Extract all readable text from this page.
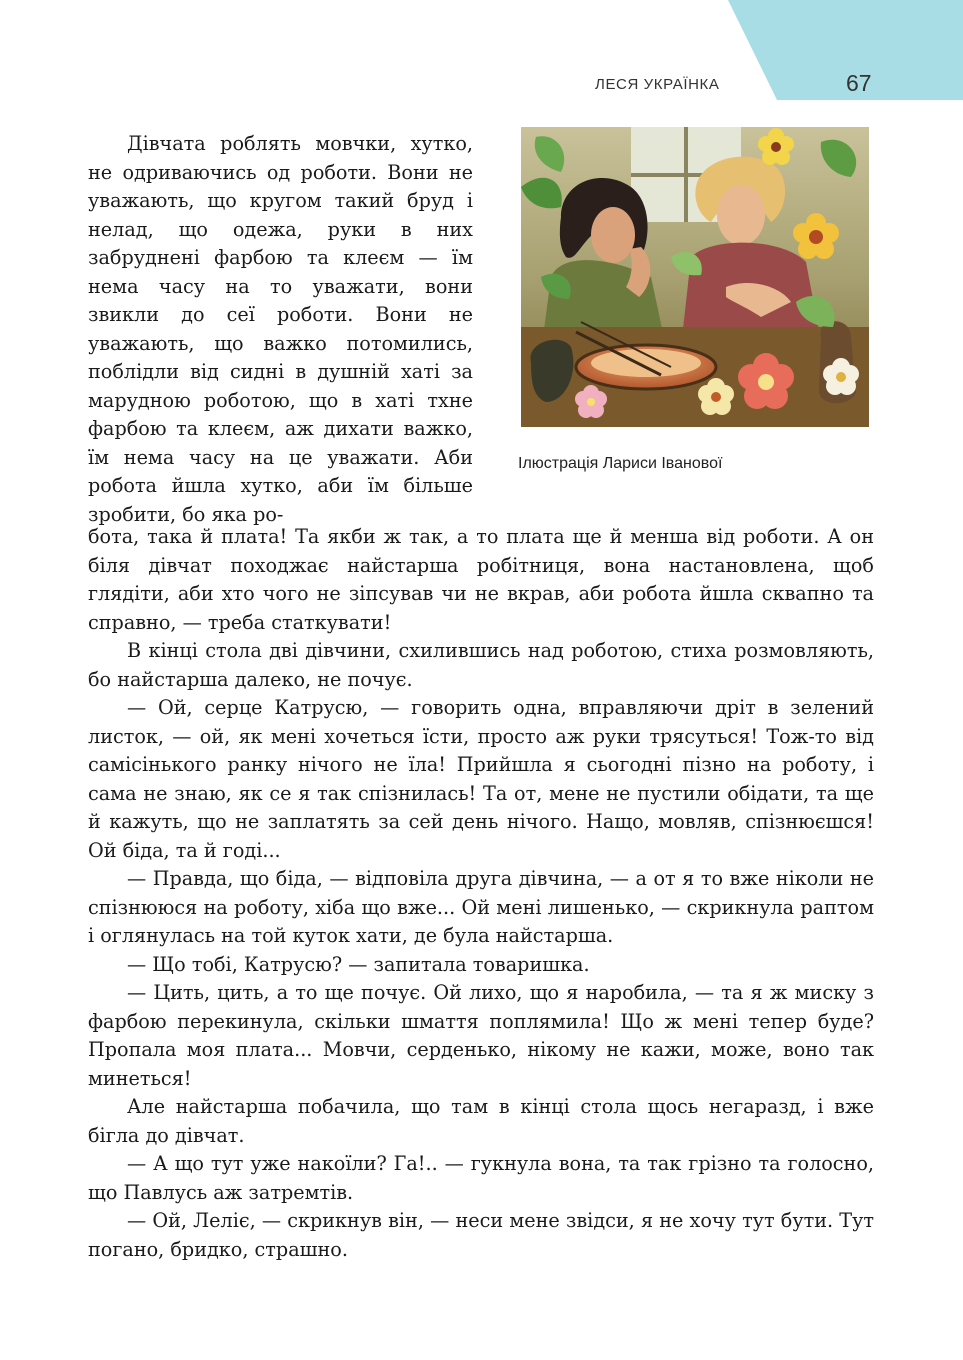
ЛЕСЯ УКРАЇНКА	67
Ілюстрація Лариси Іванової

Дівчата роблять мовчки, хутко, не одриваючись од роботи. Вони не уважають, що кругом такий бруд і нелад, що одежа, руки в них забруднені фарбою та клеєм — їм нема часу на то уважати, вони звикли до сеї роботи. Вони не уважають, що важко потомились, поблідли від сидні в душній хаті за марудною роботою, що в хаті тхне фарбою та клеєм, аж дихати важко, їм нема часу на це уважати. Аби робота йшла хутко, аби їм більше зробити, бо яка ро-

бота, така й плата! Та якби ж так, а то плата ще й менша від роботи. А он біля дівчат походжає найстарша робітниця, вона настановлена, щоб глядіти, аби хто чого не зіпсував чи не вкрав, аби робота йшла сквапно та справно, — треба статкувати!

В кінці стола дві дівчини, схилившись над роботою, стиха розмовляють, бо найстарша далеко, не почує.

— Ой, серце Катрусю, — говорить одна, вправляючи дріт в зелений листок, — ой, як мені хочеться їсти, просто аж руки трясуться! Тож-то від самісінького ранку нічого не їла! Прийшла я сьогодні пізно на роботу, і сама не знаю, як се я так спізнилась! Та от, мене не пустили обідати, та ще й кажуть, що не заплатять за сей день нічого. Нащо, мовляв, спізнюєшся! Ой біда, та й годі...

— Правда, що біда, — відповіла друга дівчина, — а от я то вже ніколи не спізнююся на роботу, хіба що вже... Ой мені лишенько, — скрикнула раптом і оглянулась на той куток хати, де була найстарша.

— Що тобі, Катрусю? — запитала товаришка.

— Цить, цить, а то ще почує. Ой лихо, що я наробила, — та я ж миску з фарбою перекинула, скільки шмаття поплямила! Що ж мені тепер буде? Пропала моя плата... Мовчи, серденько, нікому не кажи, може, воно так минеться!

Але найстарша побачила, що там в кінці стола щось негаразд, і вже бігла до дівчат.

— А що тут уже накоїли? Га!.. — гукнула вона, та так грізно та голосно, що Павлусь аж затремтів.

— Ой, Леліє, — скрикнув він, — неси мене звідси, я не хочу тут бути. Тут погано, бридко, страшно.
